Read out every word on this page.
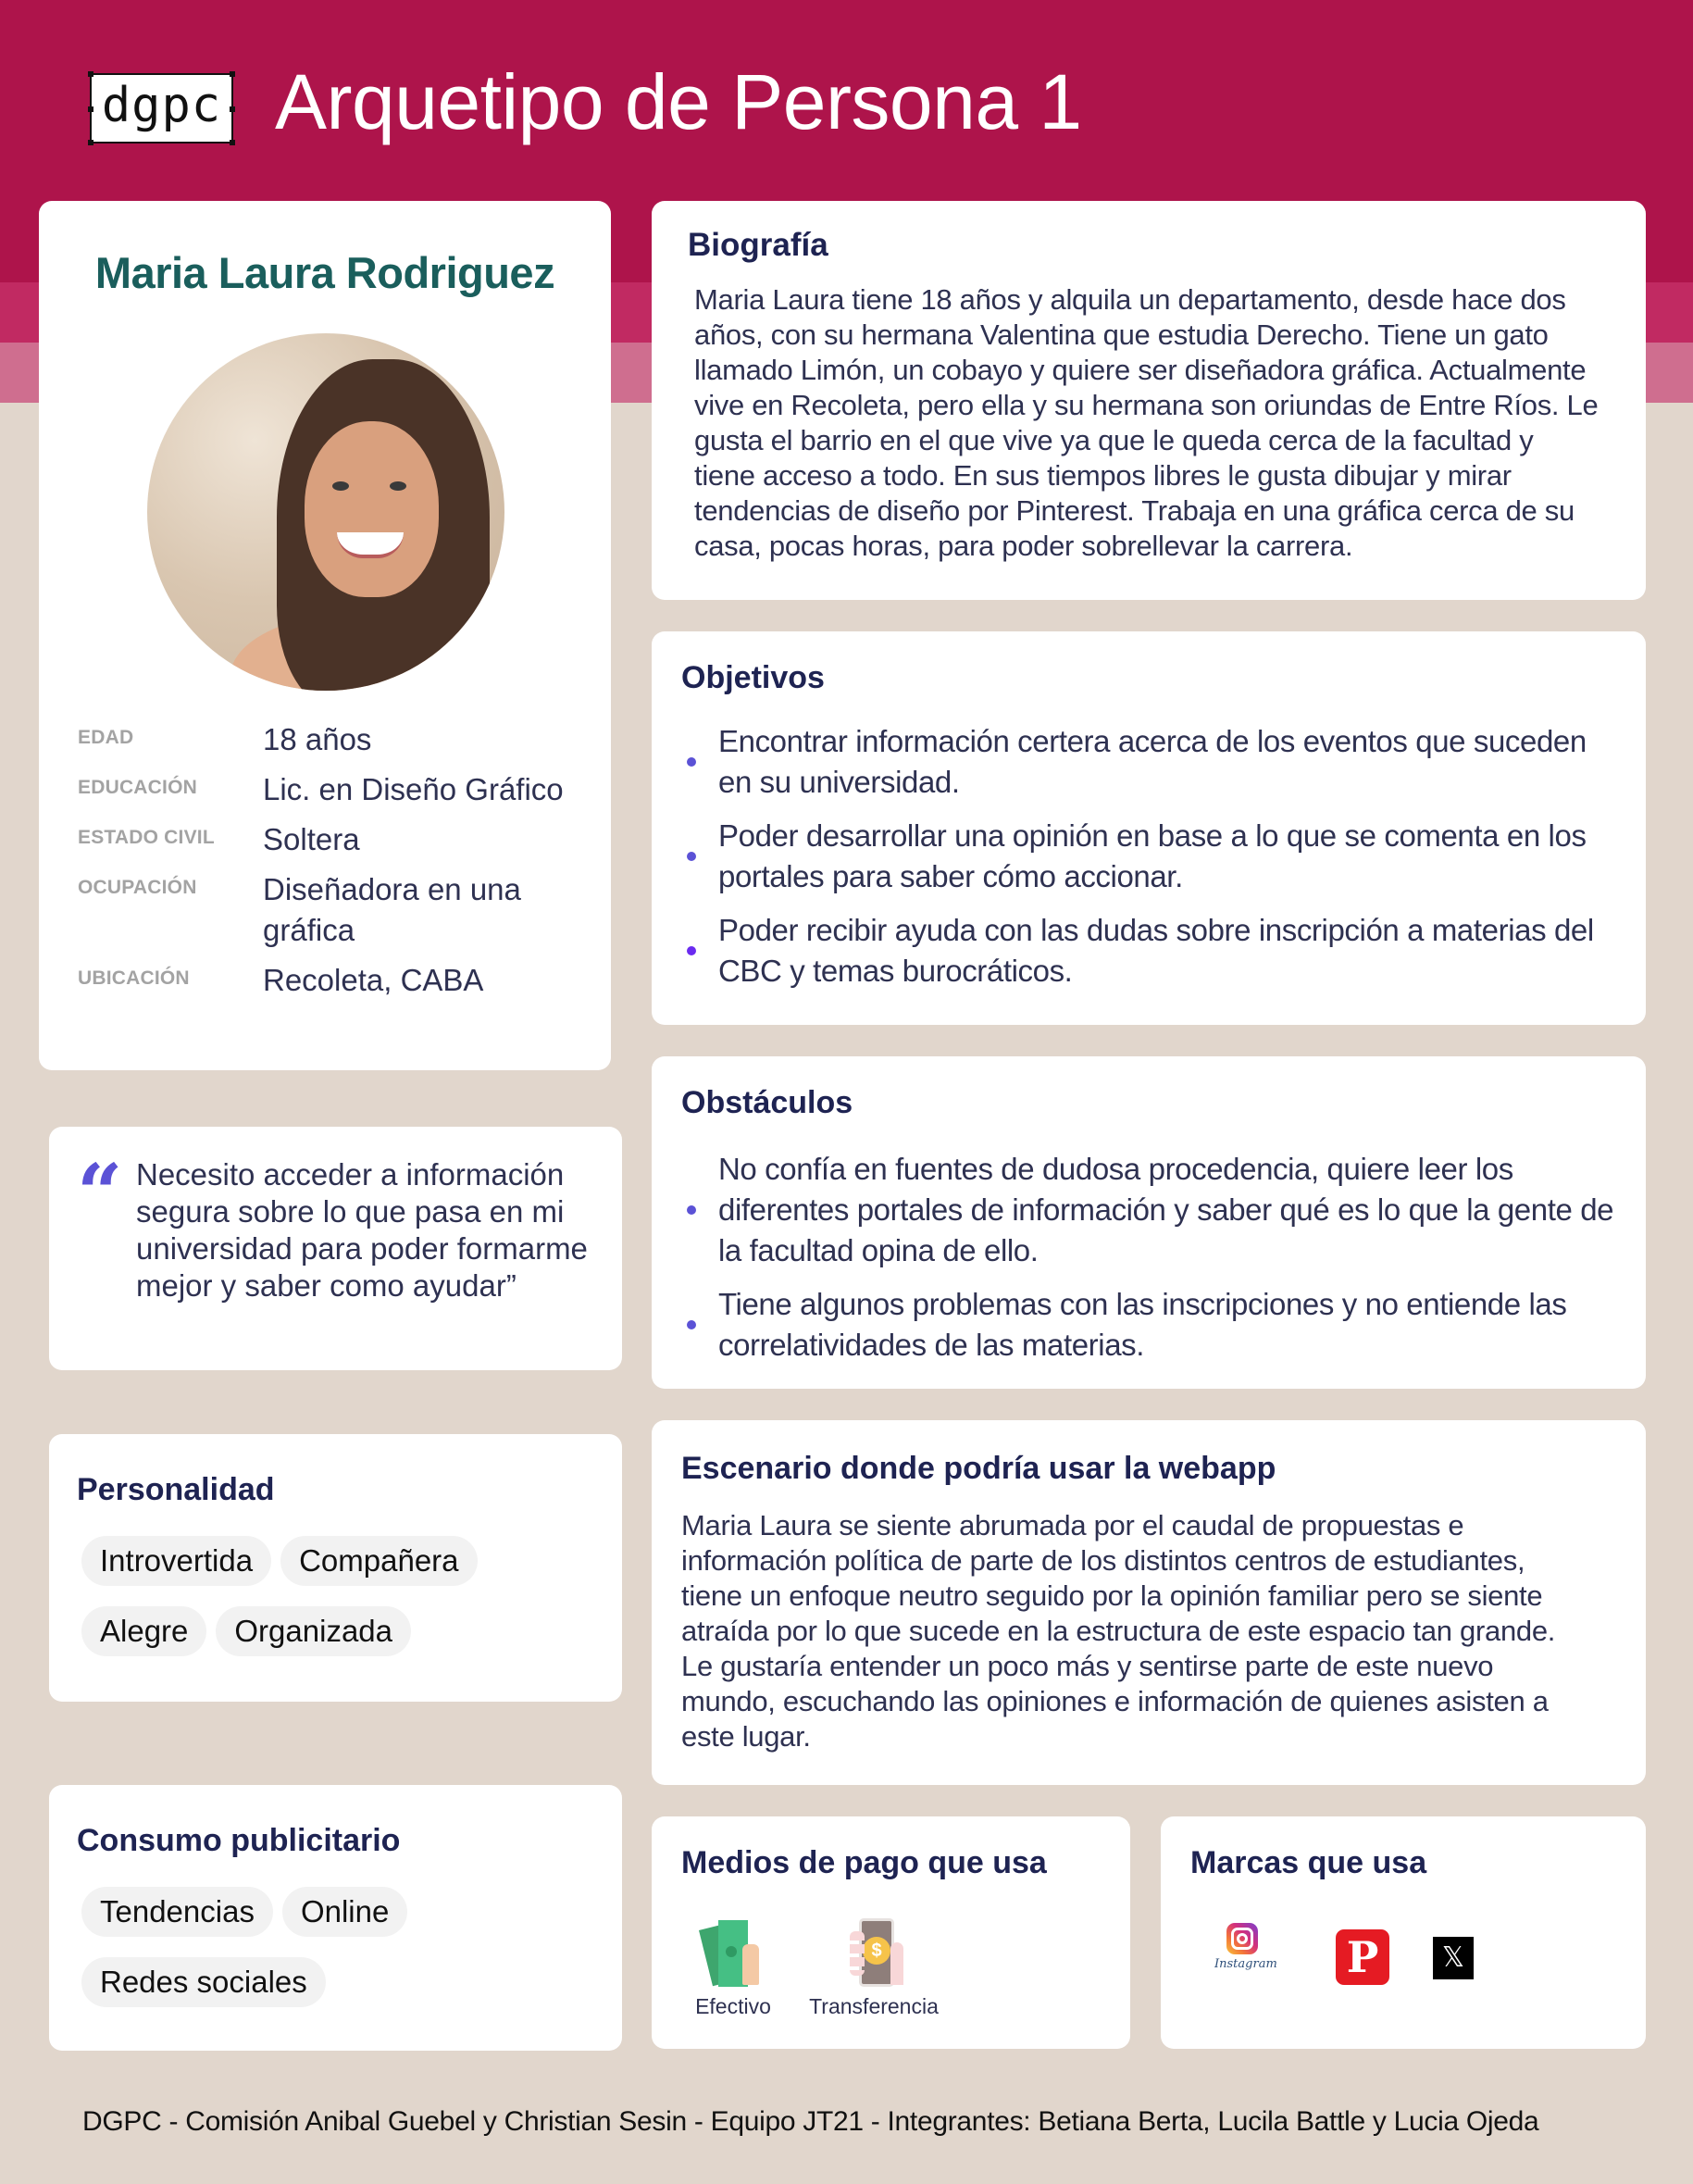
dgpc Arquetipo de Persona 1
Maria Laura Rodriguez
EDAD	18 años
EDUCACIÓN	Lic. en Diseño Gráfico
ESTADO CIVIL	Soltera
OCUPACIÓN	Diseñadora en una gráfica
UBICACIÓN	Recoleta, CABA
“ Necesito acceder a información segura sobre lo que pasa en mi universidad para poder formarme mejor y saber como ayudar”

Personalidad
Introvertida	Compañera
Alegre	Organizada
Consumo publicitario
Tendencias	Online
Redes sociales
Biografía

Maria Laura tiene 18 años y alquila un departamento, desde hace dos años, con su hermana Valentina que estudia Derecho. Tiene un gato llamado Limón, un cobayo y quiere ser diseñadora gráfica. Actualmente vive en Recoleta, pero ella y su hermana son oriundas de Entre Ríos. Le gusta el barrio en el que vive ya que le queda cerca de la facultad y tiene acceso a todo. En sus tiempos libres le gusta dibujar y mirar tendencias de diseño por Pinterest. Trabaja en una gráfica cerca de su casa, pocas horas, para poder sobrellevar la carrera.

Objetivos
Encontrar información certera acerca de los eventos que suceden en su universidad.
Poder desarrollar una opinión en base a lo que se comenta en los portales para saber cómo accionar.
Poder recibir ayuda con las dudas sobre inscripción a materias del CBC y temas burocráticos.
Obstáculos
No confía en fuentes de dudosa procedencia, quiere leer los diferentes portales de información y saber qué es lo que la gente de la facultad opina de ello.
Tiene algunos problemas con las inscripciones y no entiende las correlatividades de las materias.
Escenario donde podría usar la webapp

Maria Laura se siente abrumada por el caudal de propuestas e información política de parte de los distintos centros de estudiantes, tiene un enfoque neutro seguido por la opinión familiar pero se siente atraída por lo que sucede en la estructura de este espacio tan grande. Le gustaría entender un poco más y sentirse parte de este nuevo mundo, escuchando las opiniones e información de quienes asisten a este lugar.

Medios de pago que usa
Efectivo
$
Transferencia
Marcas que usa
Instagram P	𝕏
DGPC - Comisión Anibal Guebel y Christian Sesin - Equipo JT21 - Integrantes: Betiana Berta, Lucila Battle y Lucia Ojeda
